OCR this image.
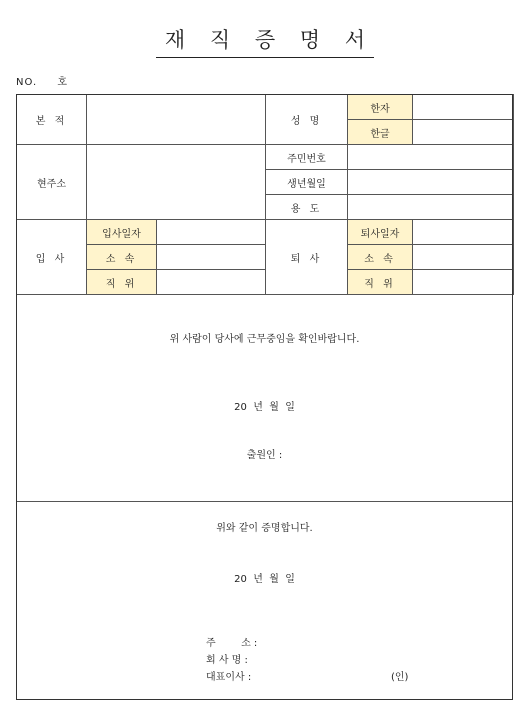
재 직 증 명 서
NO. 호
본 적			성 명	한자	
				한글	
현주소			주민번호		
			생년월일		
			용 도		
입 사	입사일자		퇴 사	퇴사일자	
	소 속			소 속	
	직 위			직 위	
위 사람이 당사에 근무중임을 확인바랍니다.
20  년  월  일
출원인 :
위와 같이 증명합니다.
20  년  월  일
주        소 :
회 사 명 :
대표이사 :	(인)
